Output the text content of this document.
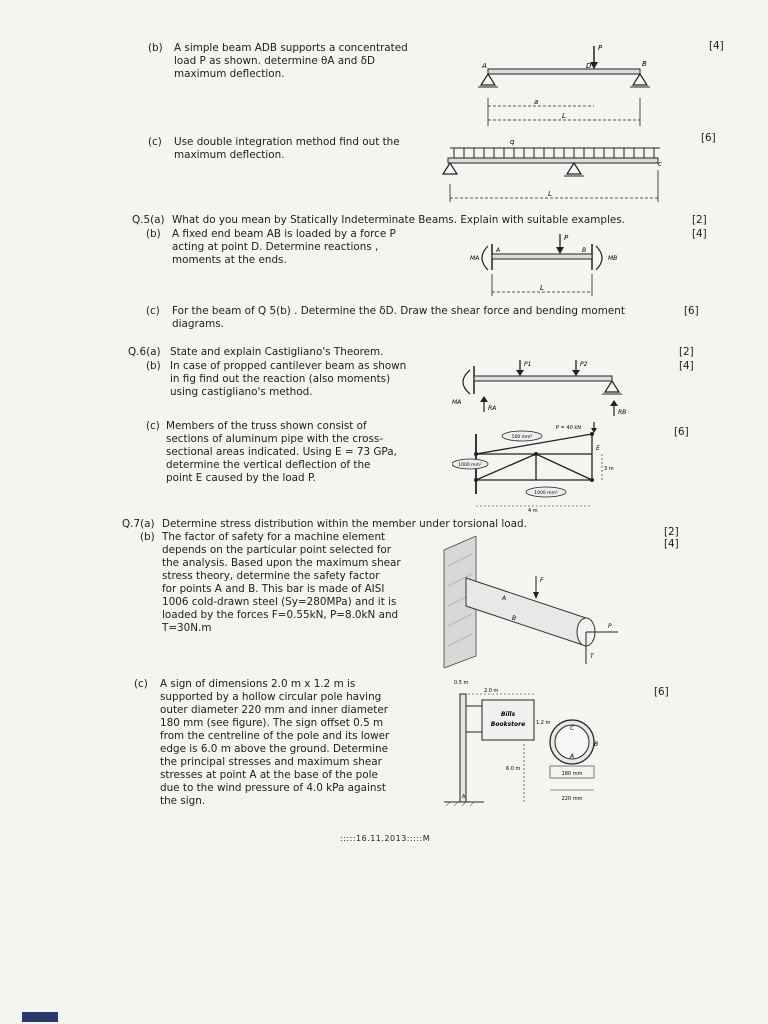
(b) A simple beam ADB supports a concentrated
load P as shown. determine θA and δD
maximum deflection.
[4]
P
A	D	B
a
L
(c) Use double integration method find out the
maximum deflection.
[6]
q
c
L
Q.5(a) What do you mean by Statically Indeterminate Beams. Explain with suitable examples.	[2]
(b) A fixed end beam AB is loaded by a force P
acting at point D. Determine reactions ,
moments at the ends.
[4]
P
A	B
MA	MB
L
(c) For the beam of Q 5(b) . Determine the δD. Draw the shear force and bending moment
diagrams.
[6]
Q.6(a) State and explain Castigliano's Theorem.	[2]
(b) In case of propped cantilever beam as shown
in fig find out the reaction (also moments)
using castigliano's method.
[4]
MA
P1	P2
RA
RB
(c) Members of the truss shown consist of
sections of aluminum pipe with the cross-
sectional areas indicated. Using E = 73 GPa,
determine the vertical deflection of the
point E caused by the load P.
[6]
500 mm²
1000 mm²
1000 mm²
P = 40 kN
E
3 m
4 m
Q.7(a) Determine stress distribution within the member under torsional load.
[2]
(b) The factor of safety for a machine element
depends on the particular point selected for
the analysis. Based upon the maximum shear
stress theory, determine the safety factor
for points A and B. This bar is made of AISI
1006 cold-drawn steel (Sy=280MPa) and it is
loaded by the forces F=0.55kN, P=8.0kN and
T=30N.m
[4]
F
A
B
P
T
(c) A sign of dimensions 2.0 m x 1.2 m is
supported by a hollow circular pole having
outer diameter 220 mm and inner diameter
180 mm (see figure). The sign offset 0.5 m
from the centreline of the pole and its lower
edge is 6.0 m above the ground. Determine
the principal stresses and maximum shear
stresses at point A at the base of the pole
due to the wind pressure of 4.0 kPa against
the sign.
[6]
0.5 m
2.0 m
Bills
Bookstore 1.2 m
6.0 m
A
C
B
A
180 mm
220 mm
:::::16.11.2013:::::M
